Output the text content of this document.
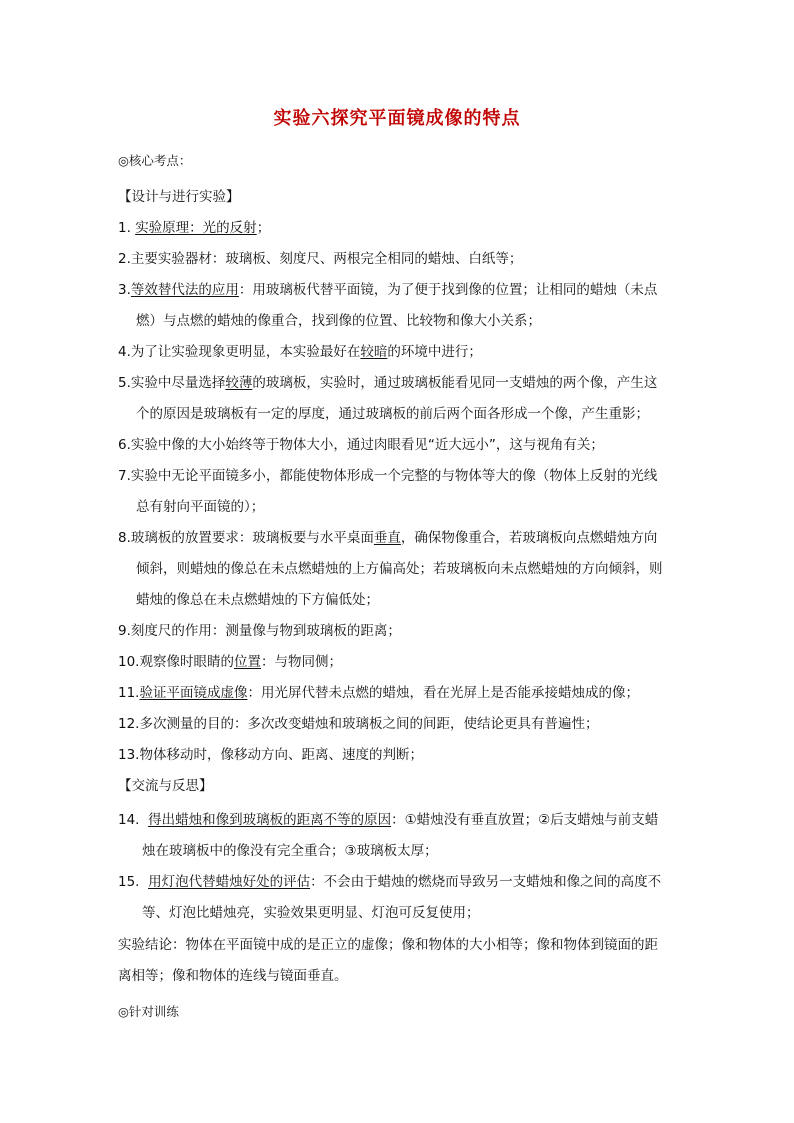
实验六探究平面镜成像的特点
◎核心考点：
【设计与进行实验】
1. 实验原理：光的反射；
2.主要实验器材：玻璃板、刻度尺、两根完全相同的蜡烛、白纸等；
3.等效替代法的应用：用玻璃板代替平面镜，为了便于找到像的位置；让相同的蜡烛（未点
燃）与点燃的蜡烛的像重合，找到像的位置、比较物和像大小关系；
4.为了让实验现象更明显，本实验最好在较暗的环境中进行；
5.实验中尽量选择较薄的玻璃板，实验时，通过玻璃板能看见同一支蜡烛的两个像，产生这
个的原因是玻璃板有一定的厚度，通过玻璃板的前后两个面各形成一个像，产生重影；
6.实验中像的大小始终等于物体大小，通过肉眼看见“近大远小”，这与视角有关；
7.实验中无论平面镜多小，都能使物体形成一个完整的与物体等大的像（物体上反射的光线
总有射向平面镜的）；
8.玻璃板的放置要求：玻璃板要与水平桌面垂直，确保物像重合，若玻璃板向点燃蜡烛方向
倾斜，则蜡烛的像总在未点燃蜡烛的上方偏高处；若玻璃板向未点燃蜡烛的方向倾斜，则
蜡烛的像总在未点燃蜡烛的下方偏低处；
9.刻度尺的作用：测量像与物到玻璃板的距离；
10.观察像时眼睛的位置：与物同侧；
11.验证平面镜成虚像：用光屏代替未点燃的蜡烛，看在光屏上是否能承接蜡烛成的像；
12.多次测量的目的：多次改变蜡烛和玻璃板之间的间距，使结论更具有普遍性；
13.物体移动时，像移动方向、距离、速度的判断；
【交流与反思】
14. 得出蜡烛和像到玻璃板的距离不等的原因：①蜡烛没有垂直放置；②后支蜡烛与前支蜡
烛在玻璃板中的像没有完全重合；③玻璃板太厚；
15. 用灯泡代替蜡烛好处的评估：不会由于蜡烛的燃烧而导致另一支蜡烛和像之间的高度不
等、灯泡比蜡烛亮，实验效果更明显、灯泡可反复使用；
实验结论：物体在平面镜中成的是正立的虚像；像和物体的大小相等；像和物体到镜面的距
离相等；像和物体的连线与镜面垂直。
◎针对训练
